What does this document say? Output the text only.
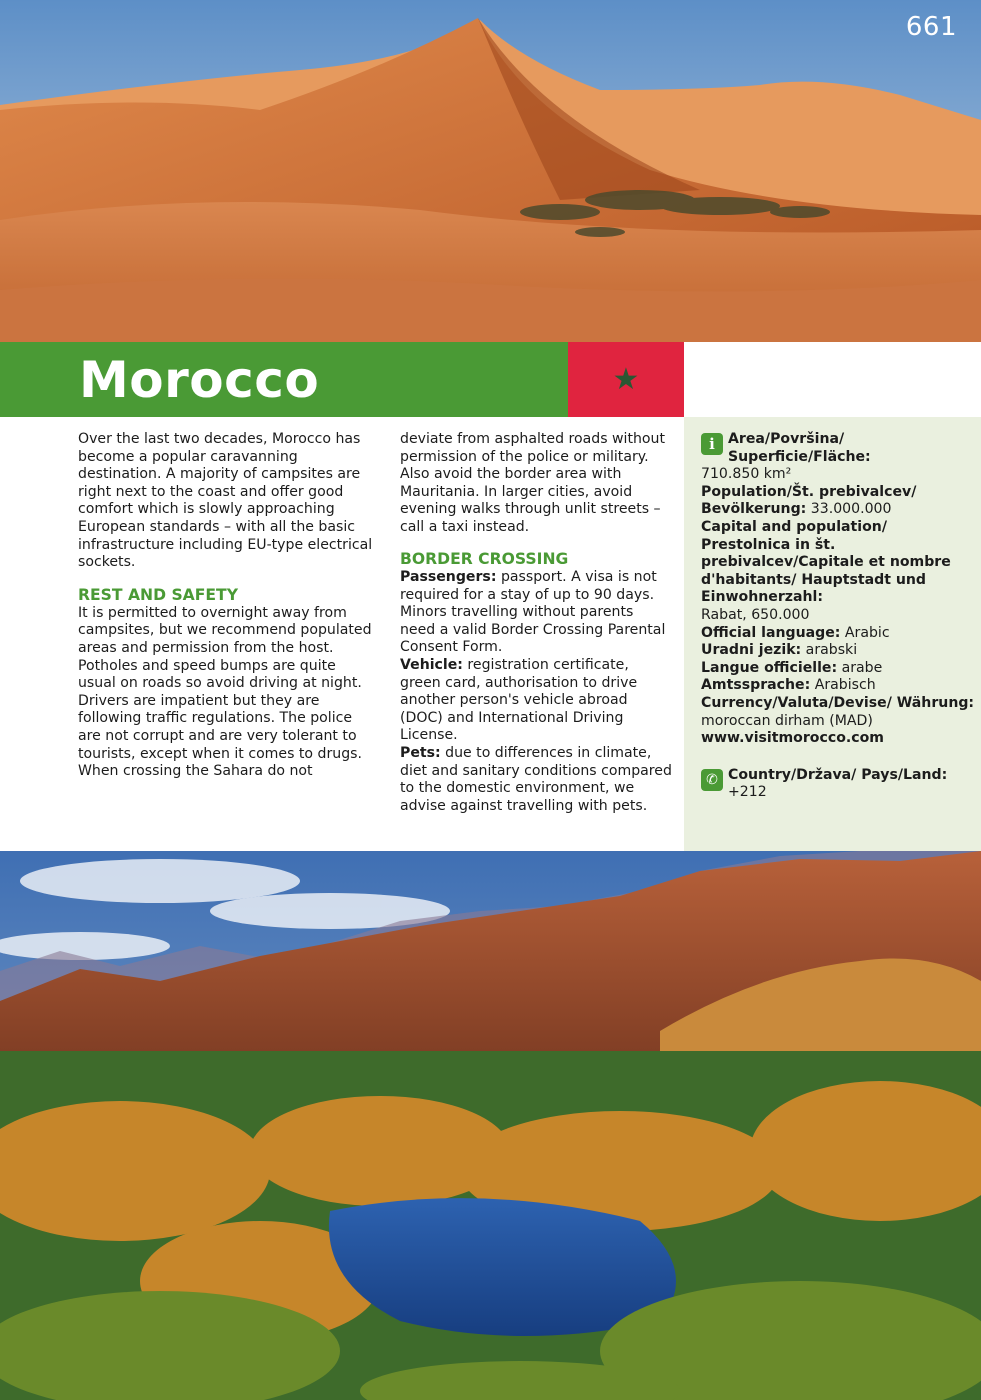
661
Morocco	★

Over the last two decades, Morocco has become a popular caravanning destination. A majority of campsites are right next to the coast and offer good comfort which is slowly approaching European standards – with all the basic infrastructure including EU-type electrical sockets.

REST AND SAFETY

It is permitted to overnight away from campsites, but we recommend populated areas and permission from the host. Potholes and speed bumps are quite usual on roads so avoid driving at night. Drivers are impatient but they are following traffic regulations. The police are not corrupt and are very tolerant to tourists, except when it comes to drugs. When crossing the Sahara do not

deviate from asphalted roads without permission of the police or military. Also avoid the border area with Mauritania. In larger cities, avoid evening walks through unlit streets – call a taxi instead.

BORDER CROSSING

Passengers: passport. A visa is not required for a stay of up to 90 days. Minors travelling without parents need a valid Border Crossing Parental Consent Form.

Vehicle: registration certificate, green card, authorisation to drive another person's vehicle abroad (DOC) and International Driving License.

Pets: due to differences in climate, diet and sanitary conditions compared to the domestic environment, we advise against travelling with pets.

i Area/Površina/ Superficie/Fläche:

710.850 km²

Population/Št. prebivalcev/ Bevölkerung: 33.000.000

Capital and population/ Prestolnica in št. prebivalcev/Capitale et nombre d'habitants/ Hauptstadt und Einwohnerzahl:

Rabat, 650.000

Official language: Arabic

Uradni jezik: arabski

Langue officielle: arabe

Amtssprache: Arabisch

Currency/Valuta/Devise/ Währung: moroccan dirham (MAD)

www.visitmorocco.com

✆ Country/Država/ Pays/Land: +212
